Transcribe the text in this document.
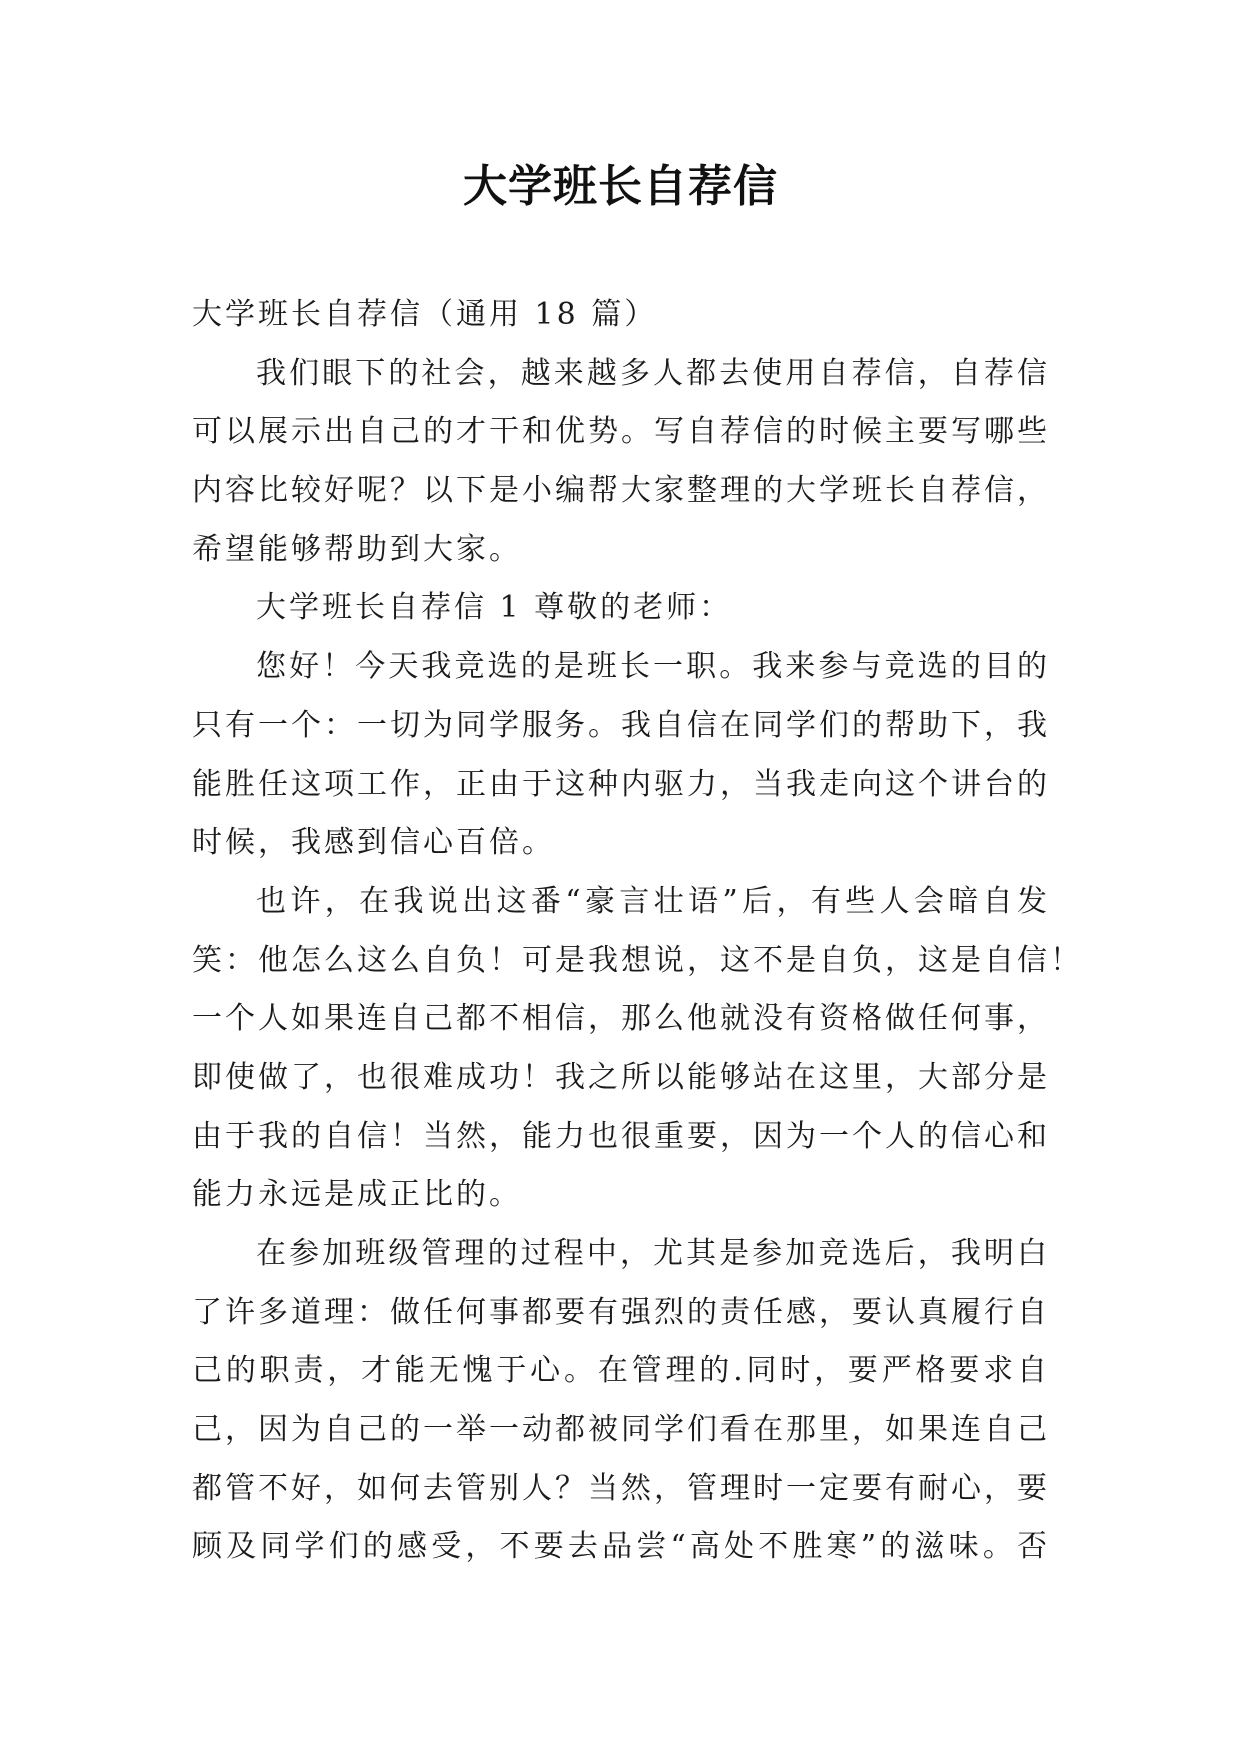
大学班长自荐信
大学班长自荐信（通用 18 篇）
我们眼下的社会，越来越多人都去使用自荐信，自荐信
可以展示出自己的才干和优势。写自荐信的时候主要写哪些
内容比较好呢？以下是小编帮大家整理的大学班长自荐信，
希望能够帮助到大家。
大学班长自荐信 1 尊敬的老师：
您好！今天我竞选的是班长一职。我来参与竞选的目的
只有一个：一切为同学服务。我自信在同学们的帮助下，我
能胜任这项工作，正由于这种内驱力，当我走向这个讲台的
时候，我感到信心百倍。
也许，在我说出这番“豪言壮语”后，有些人会暗自发
笑：他怎么这么自负！可是我想说，这不是自负，这是自信！
一个人如果连自己都不相信，那么他就没有资格做任何事，
即使做了，也很难成功！我之所以能够站在这里，大部分是
由于我的自信！当然，能力也很重要，因为一个人的信心和
能力永远是成正比的。
在参加班级管理的过程中，尤其是参加竞选后，我明白
了许多道理：做任何事都要有强烈的责任感，要认真履行自
己的职责，才能无愧于心。在管理的.同时，要严格要求自
己，因为自己的一举一动都被同学们看在那里，如果连自己
都管不好，如何去管别人？当然，管理时一定要有耐心，要
顾及同学们的感受，不要去品尝“高处不胜寒”的滋味。否
